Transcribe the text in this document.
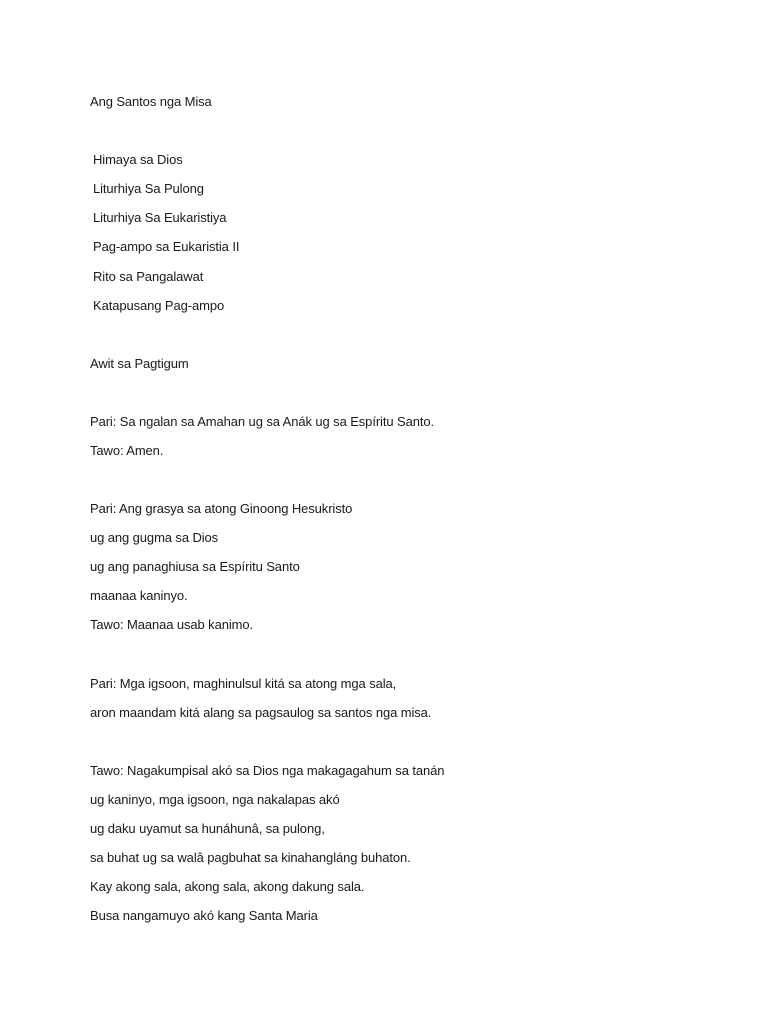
Ang Santos nga Misa
Himaya sa Dios
Liturhiya Sa Pulong
Liturhiya Sa Eukaristiya
Pag-ampo sa Eukaristia II
Rito sa Pangalawat
Katapusang Pag-ampo
Awit sa Pagtigum
Pari: Sa ngalan sa Amahan ug sa Anák ug sa Espíritu Santo.
Tawo: Amen.
Pari: Ang grasya sa atong Ginoong Hesukristo
ug ang gugma sa Dios
ug ang panaghiusa sa Espíritu Santo
maanaa kaninyo.
Tawo: Maanaa usab kanimo.
Pari: Mga igsoon, maghinulsul kitá sa atong mga sala,
aron maandam kitá alang sa pagsaulog sa santos nga misa.
Tawo: Nagakumpisal akó sa Dios nga makagagahum sa tanán
ug kaninyo, mga igsoon, nga nakalapas akó
ug daku uyamut sa hunáhunâ, sa pulong,
sa buhat ug sa walâ pagbuhat sa kinahangláng buhaton.
Kay akong sala, akong sala, akong dakung sala.
Busa nangamuyo akó kang Santa Maria
